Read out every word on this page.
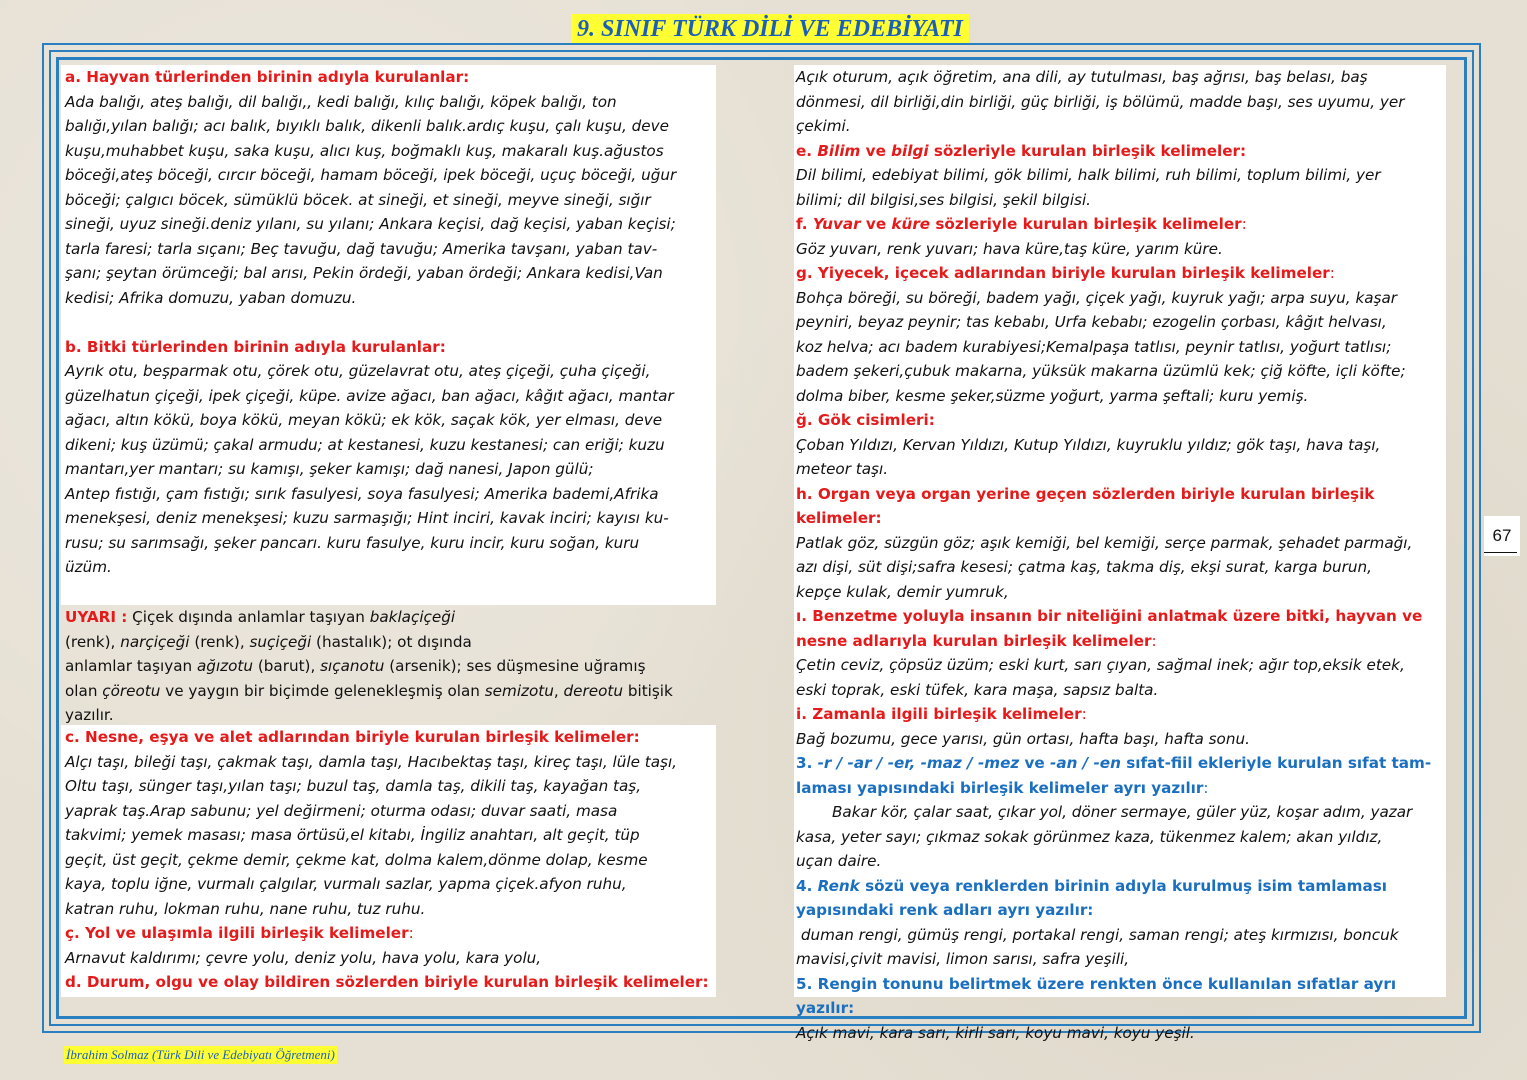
9. SINIF TÜRK DİLİ VE EDEBİYATI

a. Hayvan türlerinden birinin adıyla kurulanlar:

Ada balığı, ateş balığı, dil balığı,, kedi balığı, kılıç balığı, köpek balığı, ton

balığı,yılan balığı; acı balık, bıyıklı balık, dikenli balık.ardıç kuşu, çalı kuşu, deve

kuşu,muhabbet kuşu, saka kuşu, alıcı kuş, boğmaklı kuş, makaralı kuş.ağustos

böceği,ateş böceği, cırcır böceği, hamam böceği, ipek böceği, uçuç böceği, uğur

böceği; çalgıcı böcek, sümüklü böcek. at sineği, et sineği, meyve sineği, sığır

sineği, uyuz sineği.deniz yılanı, su yılanı; Ankara keçisi, dağ keçisi, yaban keçisi;

tarla faresi; tarla sıçanı; Beç tavuğu, dağ tavuğu; Amerika tavşanı, yaban tav-

şanı; şeytan örümceği; bal arısı, Pekin ördeği, yaban ördeği; Ankara kedisi,Van

kedisi; Afrika domuzu, yaban domuzu.

b. Bitki türlerinden birinin adıyla kurulanlar:

Ayrık otu, beşparmak otu, çörek otu, güzelavrat otu, ateş çiçeği, çuha çiçeği,

güzelhatun çiçeği, ipek çiçeği, küpe. avize ağacı, ban ağacı, kâğıt ağacı, mantar

ağacı, altın kökü, boya kökü, meyan kökü; ek kök, saçak kök, yer elması, deve

dikeni; kuş üzümü; çakal armudu; at kestanesi, kuzu kestanesi; can eriği; kuzu

mantarı,yer mantarı; su kamışı, şeker kamışı; dağ nanesi, Japon gülü;

Antep fıstığı, çam fıstığı; sırık fasulyesi, soya fasulyesi; Amerika bademi,Afrika

menekşesi, deniz menekşesi; kuzu sarmaşığı; Hint inciri, kavak inciri; kayısı ku-

rusu; su sarımsağı, şeker pancarı. kuru fasulye, kuru incir, kuru soğan, kuru

üzüm.

UYARI : Çiçek dışında anlamlar taşıyan baklaçiçeği

(renk), narçiçeği (renk), suçiçeği (hastalık); ot dışında

anlamlar taşıyan ağızotu (barut), sıçanotu (arsenik); ses düşmesine uğramış

olan çöreotu ve yaygın bir biçimde gelenekleşmiş olan semizotu, dereotu bitişik

yazılır.

c. Nesne, eşya ve alet adlarından biriyle kurulan birleşik kelimeler:

Alçı taşı, bileği taşı, çakmak taşı, damla taşı, Hacıbektaş taşı, kireç taşı, lüle taşı,

Oltu taşı, sünger taşı,yılan taşı; buzul taş, damla taş, dikili taş, kayağan taş,

yaprak taş.Arap sabunu; yel değirmeni; oturma odası; duvar saati, masa

takvimi; yemek masası; masa örtüsü,el kitabı, İngiliz anahtarı, alt geçit, tüp

geçit, üst geçit, çekme demir, çekme kat, dolma kalem,dönme dolap, kesme

kaya, toplu iğne, vurmalı çalgılar, vurmalı sazlar, yapma çiçek.afyon ruhu,

katran ruhu, lokman ruhu, nane ruhu, tuz ruhu.

ç. Yol ve ulaşımla ilgili birleşik kelimeler:

Arnavut kaldırımı; çevre yolu, deniz yolu, hava yolu, kara yolu,

d. Durum, olgu ve olay bildiren sözlerden biriyle kurulan birleşik kelimeler:

Açık oturum, açık öğretim, ana dili, ay tutulması, baş ağrısı, baş belası, baş

dönmesi, dil birliği,din birliği, güç birliği, iş bölümü, madde başı, ses uyumu, yer

çekimi.

e. Bilim ve bilgi sözleriyle kurulan birleşik kelimeler:

Dil bilimi, edebiyat bilimi, gök bilimi, halk bilimi, ruh bilimi, toplum bilimi, yer

bilimi; dil bilgisi,ses bilgisi, şekil bilgisi.

f. Yuvar ve küre sözleriyle kurulan birleşik kelimeler:

Göz yuvarı, renk yuvarı; hava küre,taş küre, yarım küre.

g. Yiyecek, içecek adlarından biriyle kurulan birleşik kelimeler:

Bohça böreği, su böreği, badem yağı, çiçek yağı, kuyruk yağı; arpa suyu, kaşar

peyniri, beyaz peynir; tas kebabı, Urfa kebabı; ezogelin çorbası, kâğıt helvası,

koz helva; acı badem kurabiyesi;Kemalpaşa tatlısı, peynir tatlısı, yoğurt tatlısı;

badem şekeri,çubuk makarna, yüksük makarna üzümlü kek; çiğ köfte, içli köfte;

dolma biber, kesme şeker,süzme yoğurt, yarma şeftali; kuru yemiş.

ğ. Gök cisimleri:

Çoban Yıldızı, Kervan Yıldızı, Kutup Yıldızı, kuyruklu yıldız; gök taşı, hava taşı,

meteor taşı.

h. Organ veya organ yerine geçen sözlerden biriyle kurulan birleşik kelimeler:

Patlak göz, süzgün göz; aşık kemiği, bel kemiği, serçe parmak, şehadet parmağı,

azı dişi, süt dişi;safra kesesi; çatma kaş, takma diş, ekşi surat, karga burun,

kepçe kulak, demir yumruk,

ı. Benzetme yoluyla insanın bir niteliğini anlatmak üzere bitki, hayvan ve

nesne adlarıyla kurulan birleşik kelimeler:

Çetin ceviz, çöpsüz üzüm; eski kurt, sarı çıyan, sağmal inek; ağır top,eksik etek,

eski toprak, eski tüfek, kara maşa, sapsız balta.

i. Zamanla ilgili birleşik kelimeler:

Bağ bozumu, gece yarısı, gün ortası, hafta başı, hafta sonu.

3. -r / -ar / -er, -maz / -mez ve -an / -en sıfat-fiil ekleriyle kurulan sıfat tam-

laması yapısındaki birleşik kelimeler ayrı yazılır:

Bakar kör, çalar saat, çıkar yol, döner sermaye, güler yüz, koşar adım, yazar

kasa, yeter sayı; çıkmaz sokak görünmez kaza, tükenmez kalem; akan yıldız,

uçan daire.

4. Renk sözü veya renklerden birinin adıyla kurulmuş isim tamlaması

yapısındaki renk adları ayrı yazılır:

duman rengi, gümüş rengi, portakal rengi, saman rengi; ateş kırmızısı, boncuk

mavisi,çivit mavisi, limon sarısı, safra yeşili,

5. Rengin tonunu belirtmek üzere renkten önce kullanılan sıfatlar ayrı yazılır:

Açık mavi, kara sarı, kirli sarı, koyu mavi, koyu yeşil.

67
İbrahim Solmaz (Türk Dili ve Edebiyatı Öğretmeni)
